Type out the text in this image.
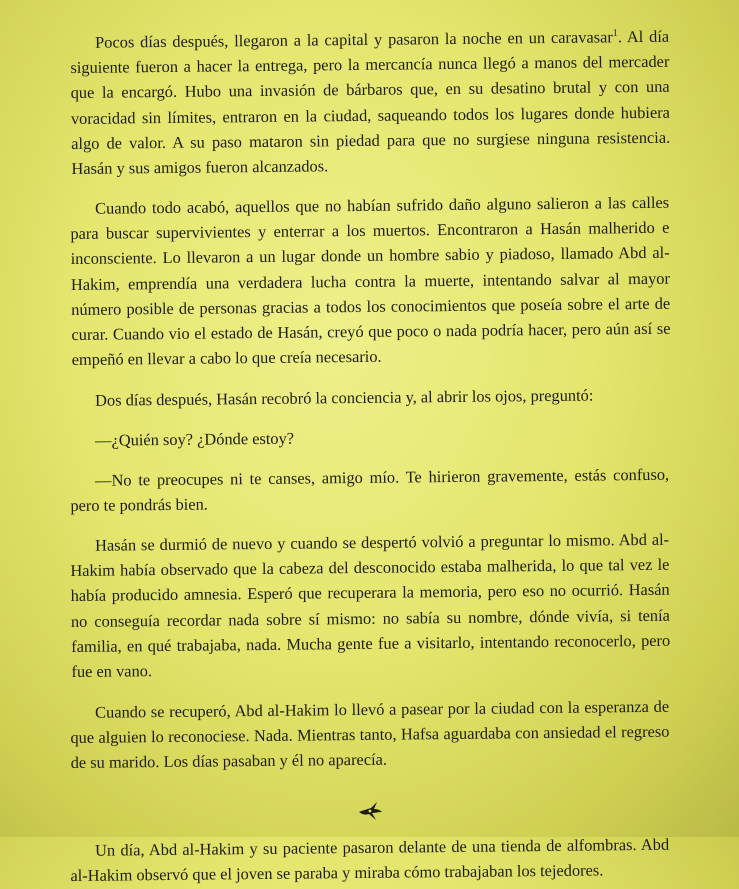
Pocos días después, llegaron a la capital y pasaron la noche en un caravasar$^1$. Al día siguiente fueron a hacer la entrega, pero la mercancía nunca llegó a manos del mercader que la encargó. Hubo una invasión de bárbaros que, en su desatino brutal y con una voracidad sin límites, entraron en la ciudad, saqueando todos los lugares donde hubiera algo de valor. A su paso mataron sin piedad para que no surgiese ninguna resistencia. Hasán y sus amigos fueron alcanzados.

Cuando todo acabó, aquellos que no habían sufrido daño alguno salieron a las calles para buscar supervivientes y enterrar a los muertos. Encontraron a Hasán malherido e inconsciente. Lo llevaron a un lugar donde un hombre sabio y piadoso, llamado Abd al-Hakim, emprendía una verdadera lucha contra la muerte, intentando salvar al mayor número posible de personas gracias a todos los conocimientos que poseía sobre el arte de curar. Cuando vio el estado de Hasán, creyó que poco o nada podría hacer, pero aún así se empeñó en llevar a cabo lo que creía necesario.

Dos días después, Hasán recobró la conciencia y, al abrir los ojos, preguntó:

—¿Quién soy? ¿Dónde estoy?

—No te preocupes ni te canses, amigo mío. Te hirieron gravemente, estás confuso, pero te pondrás bien.

Hasán se durmió de nuevo y cuando se despertó volvió a preguntar lo mismo. Abd al-Hakim había observado que la cabeza del desconocido estaba malherida, lo que tal vez le había producido amnesia. Esperó que recuperara la memoria, pero eso no ocurrió. Hasán no conseguía recordar nada sobre sí mismo: no sabía su nombre, dónde vivía, si tenía familia, en qué trabajaba, nada. Mucha gente fue a visitarlo, intentando reconocerlo, pero fue en vano.

Cuando se recuperó, Abd al-Hakim lo llevó a pasear por la ciudad con la esperanza de que alguien lo reconociese. Nada. Mientras tanto, Hafsa aguardaba con ansiedad el regreso de su marido. Los días pasaban y él no aparecía.

Un día, Abd al-Hakim y su paciente pasaron delante de una tienda de alfombras. Abd al-Hakim observó que el joven se paraba y miraba cómo trabajaban los tejedores.
